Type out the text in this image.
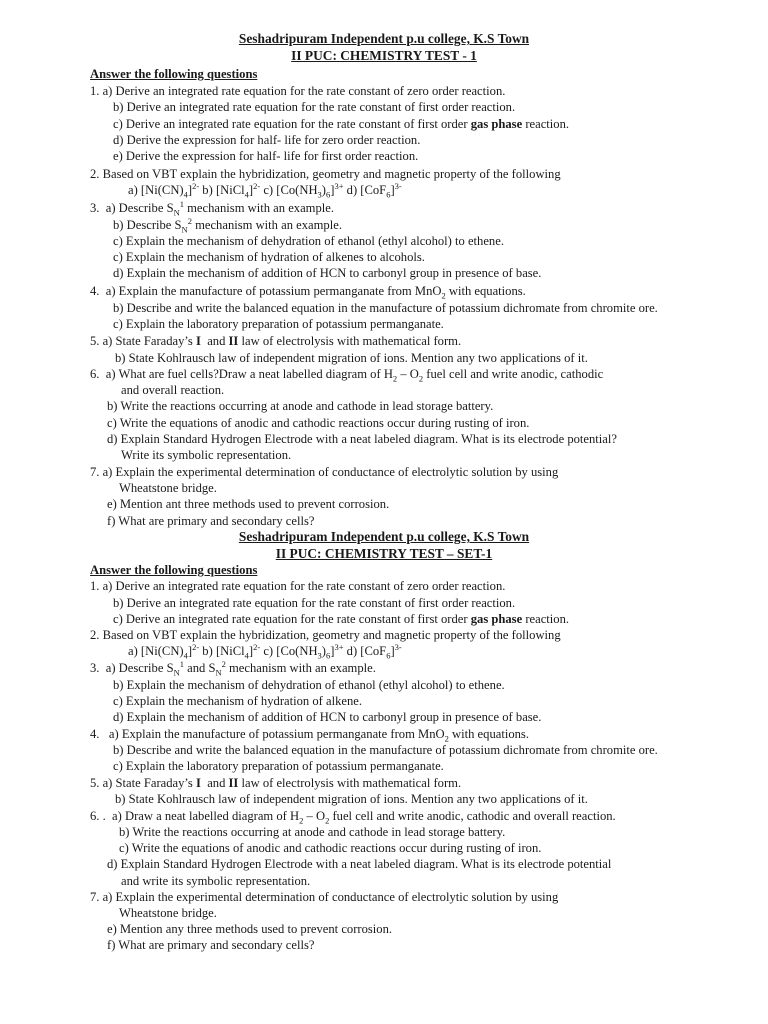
Seshadripuram Independent p.u college, K.S Town
II PUC: CHEMISTRY TEST - 1
Answer the following questions
1. a) Derive an integrated rate equation for the rate constant of zero order reaction.
b) Derive an integrated rate equation for the rate constant of first order reaction.
c) Derive an integrated rate equation for the rate constant of first order gas phase reaction.
d) Derive the expression for half- life for zero order reaction.
e) Derive the expression for half- life for first order reaction.
2. Based on VBT explain the hybridization, geometry and magnetic property of the following
a) $[Ni(CN)_4]^{2-}$ b) [NiCl$_4$]$^{2-}$ c) $[Co(NH_3)_6]^{3+}$ d) $[CoF_6]^{3-}$
3.  a) Describe $S_N^1$ mechanism with an example.
b) Describe $S_N^2$ mechanism with an example.
c) Explain the mechanism of dehydration of ethanol (ethyl alcohol) to ethene.
c) Explain the mechanism of hydration of alkenes to alcohols.
d) Explain the mechanism of addition of HCN to carbonyl group in presence of base.
4.  a) Explain the manufacture of potassium permanganate from MnO$_2$ with equations.
b) Describe and write the balanced equation in the manufacture of potassium dichromate from chromite ore.
c) Explain the laboratory preparation of potassium permanganate.
5. a) State Faraday’s I and II law of electrolysis with mathematical form.
b) State Kohlrausch law of independent migration of ions. Mention any two applications of it.
6.  a) What are fuel cells?Draw a neat labelled diagram of $H_2 - O_2$ fuel cell and write anodic, cathodic
and overall reaction.
b) Write the reactions occurring at anode and cathode in lead storage battery.
c) Write the equations of anodic and cathodic reactions occur during rusting of iron.
d) Explain Standard Hydrogen Electrode with a neat labeled diagram. What is its electrode potential?
Write its symbolic representation.
7. a) Explain the experimental determination of conductance of electrolytic solution by using
Wheatstone bridge.
e) Mention ant three methods used to prevent corrosion.
f) What are primary and secondary cells?
Seshadripuram Independent p.u college, K.S Town
II PUC: CHEMISTRY TEST – SET-1
Answer the following questions
1. a) Derive an integrated rate equation for the rate constant of zero order reaction.
b) Derive an integrated rate equation for the rate constant of first order reaction.
c) Derive an integrated rate equation for the rate constant of first order gas phase reaction.
2. Based on VBT explain the hybridization, geometry and magnetic property of the following
a) $[Ni(CN)_4]^{2-}$ b) [NiCl$_4$]$^{2-}$ c) $[Co(NH_3)_6]^{3+}$ d) $[CoF_6]^{3-}$
3.  a) Describe $S_N^1$ and $S_N^2$ mechanism with an example.
b) Explain the mechanism of dehydration of ethanol (ethyl alcohol) to ethene.
c) Explain the mechanism of hydration of alkene.
d) Explain the mechanism of addition of HCN to carbonyl group in presence of base.
4.   a) Explain the manufacture of potassium permanganate from MnO$_2$ with equations.
b) Describe and write the balanced equation in the manufacture of potassium dichromate from chromite ore.
c) Explain the laboratory preparation of potassium permanganate.
5. a) State Faraday’s I and II law of electrolysis with mathematical form.
b) State Kohlrausch law of independent migration of ions. Mention any two applications of it.
6. .  a) Draw a neat labelled diagram of $H_2 - O_2$ fuel cell and write anodic, cathodic and overall reaction.
b) Write the reactions occurring at anode and cathode in lead storage battery.
c) Write the equations of anodic and cathodic reactions occur during rusting of iron.
d) Explain Standard Hydrogen Electrode with a neat labeled diagram. What is its electrode potential
and write its symbolic representation.
7. a) Explain the experimental determination of conductance of electrolytic solution by using
Wheatstone bridge.
e) Mention any three methods used to prevent corrosion.
f) What are primary and secondary cells?
